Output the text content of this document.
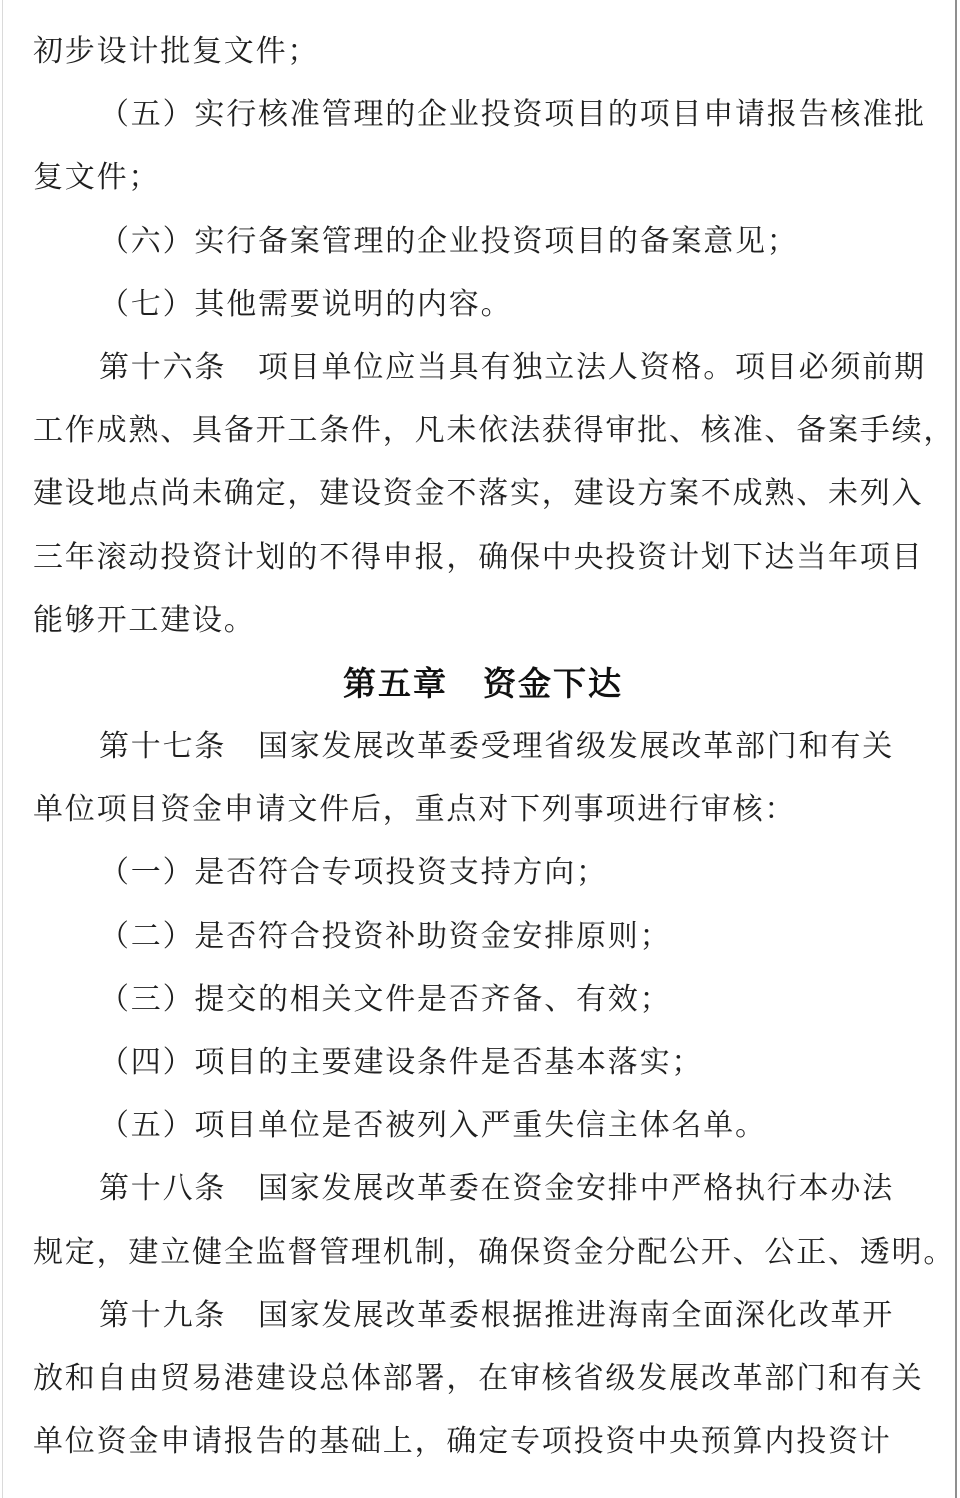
初步设计批复文件；
（五）实行核准管理的企业投资项目的项目申请报告核准批
复文件；
（六）实行备案管理的企业投资项目的备案意见；
（七）其他需要说明的内容。
第十六条　项目单位应当具有独立法人资格。项目必须前期
工作成熟、具备开工条件，凡未依法获得审批、核准、备案手续，
建设地点尚未确定，建设资金不落实，建设方案不成熟、未列入
三年滚动投资计划的不得申报，确保中央投资计划下达当年项目
能够开工建设。
第五章　资金下达
第十七条　国家发展改革委受理省级发展改革部门和有关
单位项目资金申请文件后，重点对下列事项进行审核：
（一）是否符合专项投资支持方向；
（二）是否符合投资补助资金安排原则；
（三）提交的相关文件是否齐备、有效；
（四）项目的主要建设条件是否基本落实；
（五）项目单位是否被列入严重失信主体名单。
第十八条　国家发展改革委在资金安排中严格执行本办法
规定，建立健全监督管理机制，确保资金分配公开、公正、透明。
第十九条　国家发展改革委根据推进海南全面深化改革开
放和自由贸易港建设总体部署，在审核省级发展改革部门和有关
单位资金申请报告的基础上，确定专项投资中央预算内投资计
